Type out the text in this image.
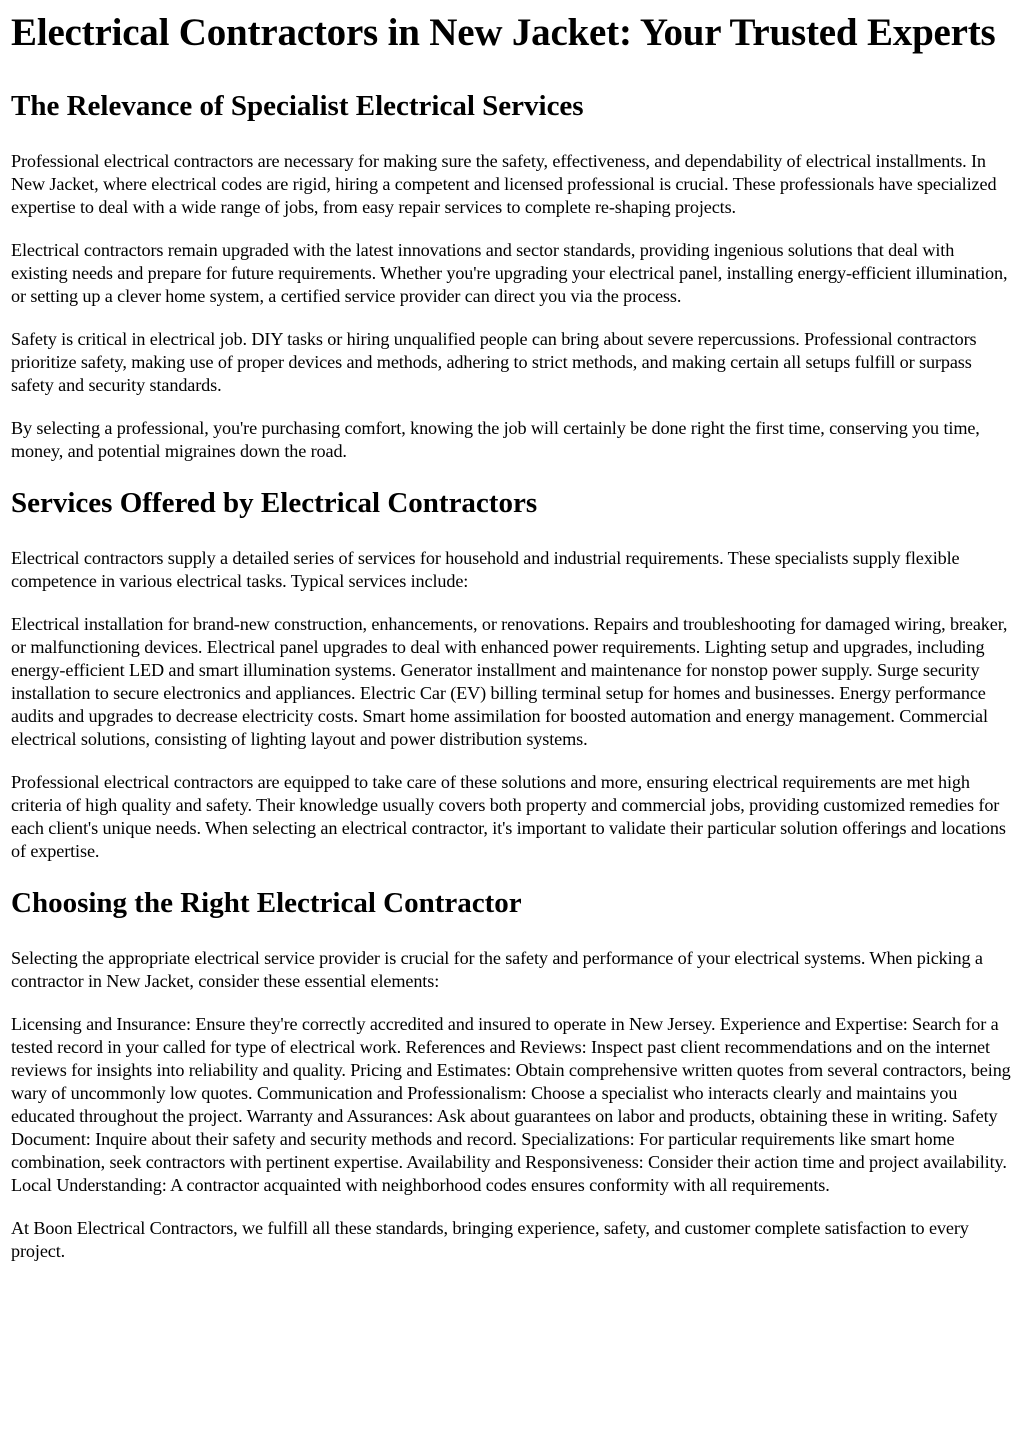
Electrical Contractors in New Jacket: Your Trusted Experts
The Relevance of Specialist Electrical Services

Professional electrical contractors are necessary for making sure the safety, effectiveness, and dependability of electrical installments. In New Jacket, where electrical codes are rigid, hiring a competent and licensed professional is crucial. These professionals have specialized expertise to deal with a wide range of jobs, from easy repair services to complete re-shaping projects.

Electrical contractors remain upgraded with the latest innovations and sector standards, providing ingenious solutions that deal with existing needs and prepare for future requirements. Whether you're upgrading your electrical panel, installing energy-efficient illumination, or setting up a clever home system, a certified service provider can direct you via the process.

Safety is critical in electrical job. DIY tasks or hiring unqualified people can bring about severe repercussions. Professional contractors prioritize safety, making use of proper devices and methods, adhering to strict methods, and making certain all setups fulfill or surpass safety and security standards.

By selecting a professional, you're purchasing comfort, knowing the job will certainly be done right the first time, conserving you time, money, and potential migraines down the road.

Services Offered by Electrical Contractors

Electrical contractors supply a detailed series of services for household and industrial requirements. These specialists supply flexible competence in various electrical tasks. Typical services include:

Electrical installation for brand-new construction, enhancements, or renovations. Repairs and troubleshooting for damaged wiring, breaker, or malfunctioning devices. Electrical panel upgrades to deal with enhanced power requirements. Lighting setup and upgrades, including energy-efficient LED and smart illumination systems. Generator installment and maintenance for nonstop power supply. Surge security installation to secure electronics and appliances. Electric Car (EV) billing terminal setup for homes and businesses. Energy performance audits and upgrades to decrease electricity costs. Smart home assimilation for boosted automation and energy management. Commercial electrical solutions, consisting of lighting layout and power distribution systems.

Professional electrical contractors are equipped to take care of these solutions and more, ensuring electrical requirements are met high criteria of high quality and safety. Their knowledge usually covers both property and commercial jobs, providing customized remedies for each client's unique needs. When selecting an electrical contractor, it's important to validate their particular solution offerings and locations of expertise.

Choosing the Right Electrical Contractor

Selecting the appropriate electrical service provider is crucial for the safety and performance of your electrical systems. When picking a contractor in New Jacket, consider these essential elements:

Licensing and Insurance: Ensure they're correctly accredited and insured to operate in New Jersey. Experience and Expertise: Search for a tested record in your called for type of electrical work. References and Reviews: Inspect past client recommendations and on the internet reviews for insights into reliability and quality. Pricing and Estimates: Obtain comprehensive written quotes from several contractors, being wary of uncommonly low quotes. Communication and Professionalism: Choose a specialist who interacts clearly and maintains you educated throughout the project. Warranty and Assurances: Ask about guarantees on labor and products, obtaining these in writing. Safety Document: Inquire about their safety and security methods and record. Specializations: For particular requirements like smart home combination, seek contractors with pertinent expertise. Availability and Responsiveness: Consider their action time and project availability. Local Understanding: A contractor acquainted with neighborhood codes ensures conformity with all requirements.

At Boon Electrical Contractors, we fulfill all these standards, bringing experience, safety, and customer complete satisfaction to every project.
